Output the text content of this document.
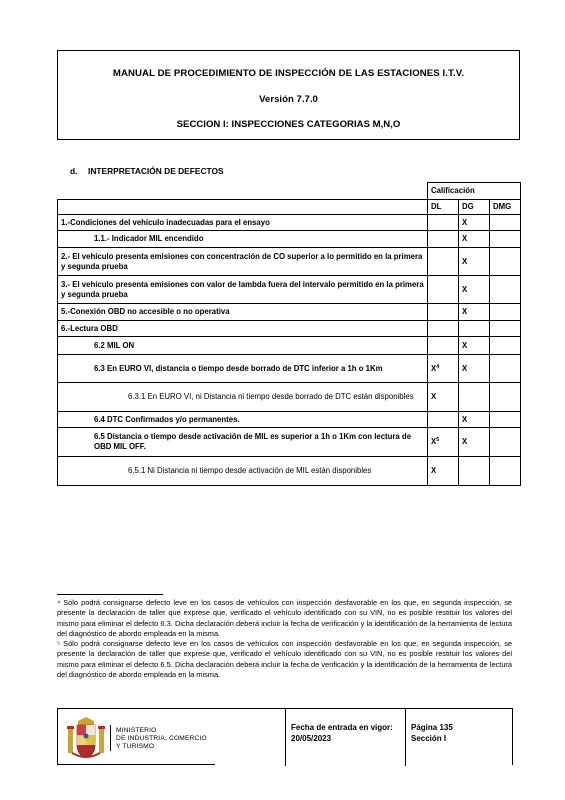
MANUAL DE PROCEDIMIENTO DE INSPECCIÓN DE LAS ESTACIONES I.T.V.
Versión 7.7.0
SECCION I: INSPECCIONES CATEGORIAS M,N,O
d. INTERPRETACIÓN DE DEFECTOS
	Calificación		
	DL	DG	DMG
1.-Condiciones del vehículo inadecuadas para el ensayo		X	
1.1.- Indicador MIL encendido		X	
2.- El vehículo presenta emisiones con concentración de CO superior a lo permitido en la primera y segunda prueba		X	
3.- El vehículo presenta emisiones con valor de lambda fuera del intervalo permitido en la primera y segunda prueba		X	
5.-Conexión OBD no accesible o no operativa		X	
6.-Lectura OBD			
6.2 MIL ON		X	
6.3 En EURO VI, distancia o tiempo desde borrado de DTC inferior a 1h o 1Km	$X^4$	X	
6.3.1 En EURO VI, ni Distancia ni tiempo desde borrado de DTC están disponibles	X		
6.4 DTC Confirmados y/o permanentes.		X	
6.5 Distancia o tiempo desde activación de MIL es superior a 1h o 1Km con lectura de OBD MIL OFF.	$X^5$	X	
6.5.1 Ni Distancia ni tiempo desde activación de MIL están disponibles	X		

⁴ Sólo podrá consignarse defecto leve en los casos de vehículos con inspección desfavorable en los que, en segunda inspección, se presente la declaración de taller que exprese que, verificado el vehículo identificado con su VIN, no es posible restituir los valores del mismo para eliminar el defecto 6.3. Dicha declaración deberá incluir la fecha de verificación y la identificación de la herramienta de lectura del diagnóstico de abordo empleada en la misma.

⁵ Sólo podrá consignarse defecto leve en los casos de vehículos con inspección desfavorable en los que, en segunda inspección, se presente la declaración de taller que exprese que, verificado el vehículo identificado con su VIN, no es posible restituir los valores del mismo para eliminar el defecto 6.5. Dicha declaración deberá incluir la fecha de verificación y la identificación de la herramienta de lectura del diagnóstico de abordo empleada en la misma.

MINISTERIO
DE INDUSTRIA, COMERCIO
Y TURISMO
Fecha de entrada en vigor:
20/05/2023
Página 135
Sección I
